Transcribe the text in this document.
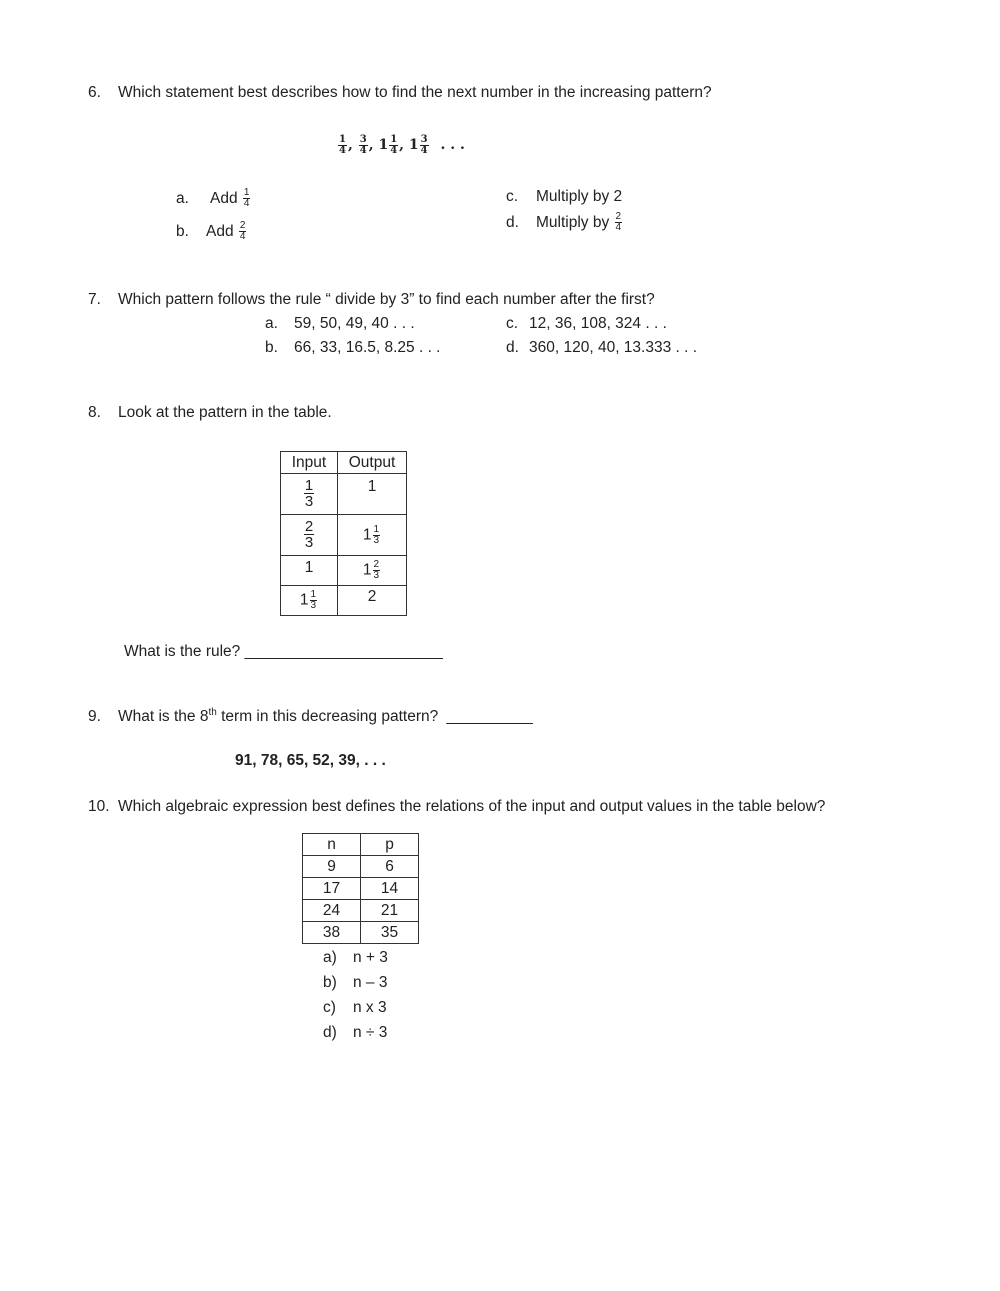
6. Which statement best describes how to find the next number in the increasing pattern?
$\frac{1}{4}$ , $\frac{3}{4}$ , $1 \frac{1}{4}$ , $1 \frac{3}{4}$ . . .
a. Add $\frac{1}{4}$
b. Add $\frac{2}{4}$
c. Multiply by 2
d. Multiply by $\frac{2}{4}$
7. Which pattern follows the rule “ divide by 3” to find each number after the first?
a. 59, 50, 49, 40 . . .
b. 66, 33, 16.5, 8.25 . . .
c. 12, 36, 108, 324 . . .
d. 360, 120, 40, 13.333 . . .
8. Look at the pattern in the table.
Input	Output

$\frac{1}{3}$	1

$\frac{2}{3}$	$1 \frac{1}{3}$

1	$1 \frac{2}{3}$

$1 \frac{1}{3}$	2
What is the rule? _______________________
9. What is the 8th term in this decreasing pattern? __________
91, 78, 65, 52, 39, . . .
10. Which algebraic expression best defines the relations of the input and output values in the table below?
n	p
9	6
17	14
24	21
38	35
a) n + 3
b) n – 3
c) n x 3
d) n ÷ 3
